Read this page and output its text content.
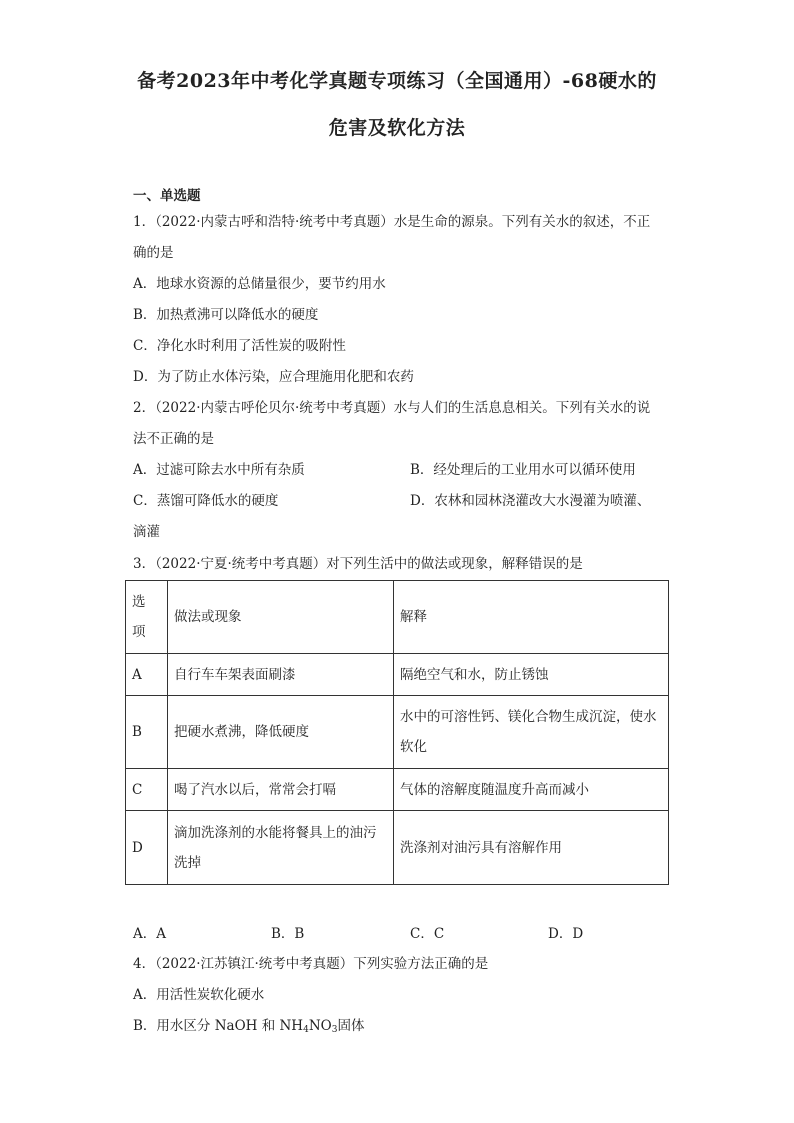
备考2023年中考化学真题专项练习（全国通用）-68硬水的
危害及软化方法
一、单选题
1．（2022·内蒙古呼和浩特·统考中考真题）水是生命的源泉。下列有关水的叙述，不正
确的是
A．地球水资源的总储量很少，要节约用水
B．加热煮沸可以降低水的硬度
C．净化水时利用了活性炭的吸附性
D．为了防止水体污染，应合理施用化肥和农药
2．（2022·内蒙古呼伦贝尔·统考中考真题）水与人们的生活息息相关。下列有关水的说
法不正确的是
A．过滤可除去水中所有杂质	B．经处理后的工业用水可以循环使用
C．蒸馏可降低水的硬度	D．农林和园林浇灌改大水漫灌为喷灌、
滴灌
3．（2022·宁夏·统考中考真题）对下列生活中的做法或现象，解释错误的是
选
项	做法或现象	解释
A	自行车车架表面刷漆	隔绝空气和水，防止锈蚀
B	把硬水煮沸，降低硬度	水中的可溶性钙、镁化合物生成沉淀，使水
软化

C	喝了汽水以后，常常会打嗝	气体的溶解度随温度升高而减小
D	滴加洗涤剂的水能将餐具上的油污
洗掉	洗涤剂对油污具有溶解作用
A．A	B．B	C．C	D．D
4．（2022·江苏镇江·统考中考真题）下列实验方法正确的是
A．用活性炭软化硬水
B．用水区分 NaOH 和 $NH_4NO_3$固体
